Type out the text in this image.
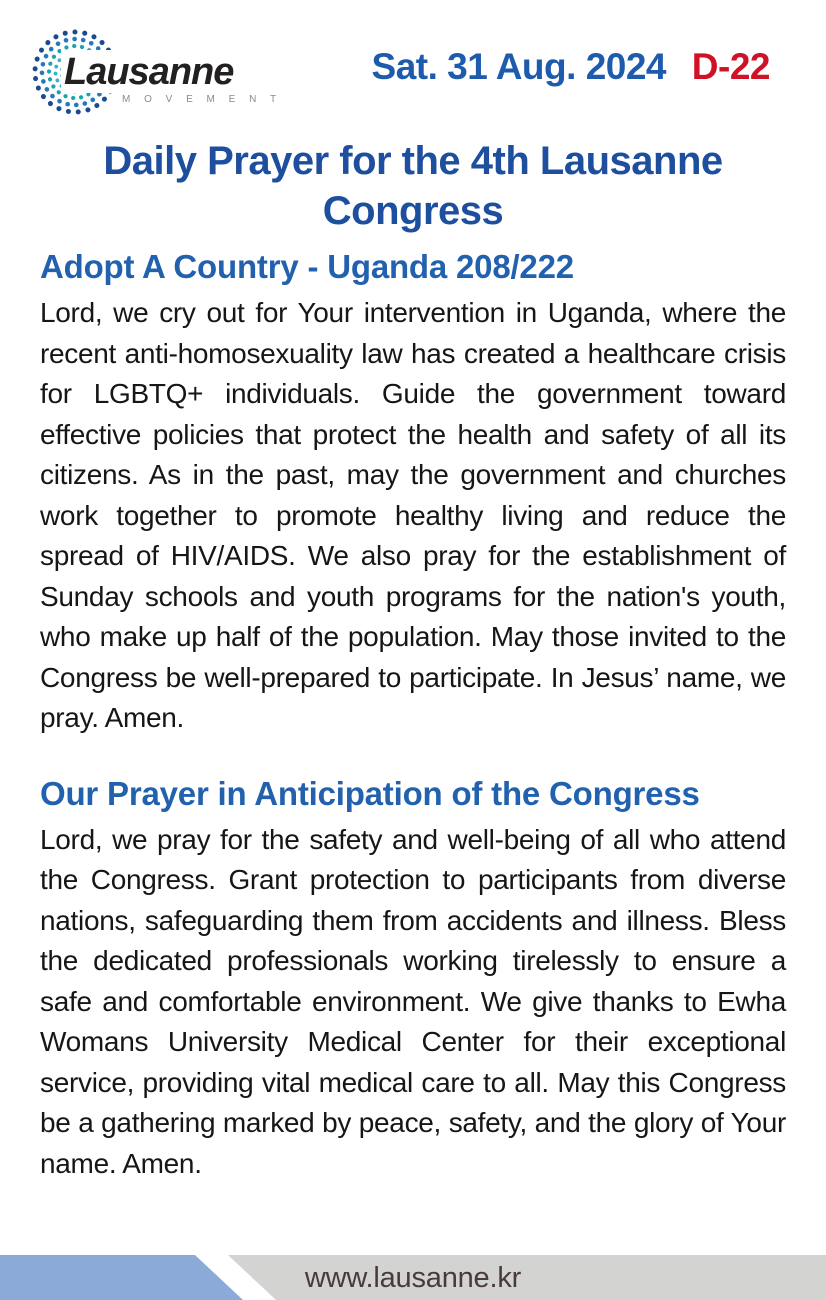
Lausanne
M O V E M E N T
Sat. 31 Aug. 2024 D-22
Daily Prayer for the 4th Lausanne Congress
Adopt A Country - Uganda 208/222

Lord, we cry out for Your intervention in Uganda, where the recent anti-homosexuality law has created a healthcare crisis for LGBTQ+ individuals. Guide the government toward effective policies that protect the health and safety of all its citizens. As in the past, may the government and churches work together to promote healthy living and reduce the spread of HIV/AIDS. We also pray for the establishment of Sunday schools and youth programs for the nation's youth, who make up half of the population. May those invited to the Congress be well-prepared to participate. In Jesus’ name, we pray. Amen.

Our Prayer in Anticipation of the Congress

Lord, we pray for the safety and well-being of all who attend the Congress. Grant protection to participants from diverse nations, safeguarding them from accidents and illness. Bless the dedicated professionals working tirelessly to ensure a safe and comfortable environment. We give thanks to Ewha Womans University Medical Center for their exceptional service, providing vital medical care to all. May this Congress be a gathering marked by peace, safety, and the glory of Your name. Amen.

www.lausanne.kr
